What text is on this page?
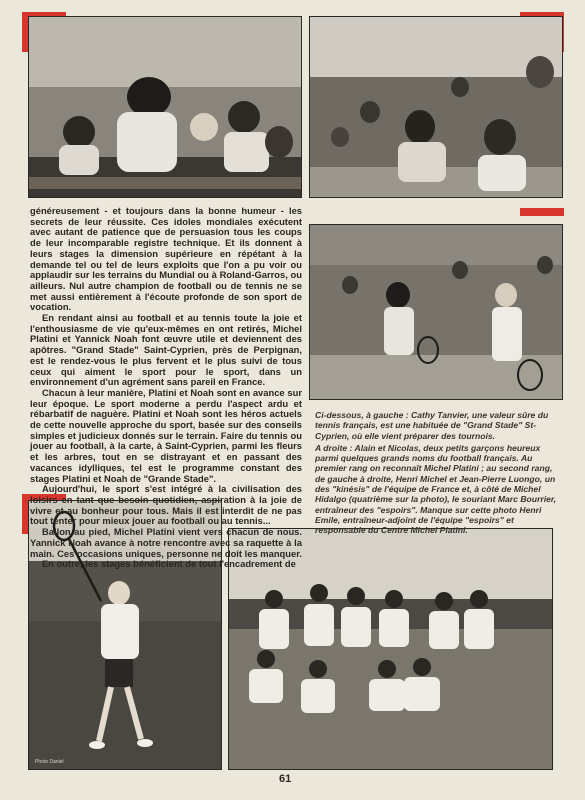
Photo Daniel

généreusement - et toujours dans la bonne humeur - les secrets de leur réussite. Ces idoles mondiales exécutent avec autant de patience que de persuasion tous les coups de leur incomparable registre technique. Et ils donnent à leurs stages la dimension supérieure en répétant à la demande tel ou tel de leurs exploits que l'on a pu voir ou applaudir sur les terrains du Mundial ou à Roland-Garros, ou ailleurs. Nul autre champion de football ou de tennis ne se met aussi entièrement à l'écoute profonde de son sport de vocation.

En rendant ainsi au football et au tennis toute la joie et l'enthousiasme de vie qu'eux-mêmes en ont retirés, Michel Platini et Yannick Noah font œuvre utile et deviennent des apôtres. "Grand Stade" Saint-Cyprien, près de Perpignan, est le rendez-vous le plus fervent et le plus suivi de tous ceux qui aiment le sport pour le sport, dans un environnement d'un agrément sans pareil en France.

Chacun à leur manière, Platini et Noah sont en avance sur leur époque. Le sport moderne a perdu l'aspect ardu et rébarbatif de naguère. Platini et Noah sont les héros actuels de cette nouvelle approche du sport, basée sur des conseils simples et judicieux donnés sur le terrain. Faire du tennis ou jouer au football, à la carte, à Saint-Cyprien, parmi les fleurs et les arbres, tout en se distrayant et en passant des vacances idylliques, tel est le programme constant des stages Platini et Noah de "Grande Stade".

Aujourd'hui, le sport s'est intégré à la civilisation des loisirs en tant que besoin quotidien, aspiration à la joie de vivre et au bonheur pour tous. Mais il est interdit de ne pas tout tenter pour mieux jouer au football ou au tennis...

Ballon au pied, Michel Platini vient vers chacun de nous. Yannick Noah avance à notre rencontre avec sa raquette à la main. Ces occasions uniques, personne ne doit les manquer.

En outre, les stages bénéficient de tout l'encadrement de

Ci-dessous, à gauche : Cathy Tanvier, une valeur sûre du tennis français, est une habituée de "Grand Stade" St-Cyprien, où elle vient préparer des tournois.

A droite : Alain et Nicolas, deux petits garçons heureux parmi quelques grands noms du football français. Au premier rang on reconnaît Michel Platini ; au second rang, de gauche à droite, Henri Michel et Jean-Pierre Luongo, un des "kinésis" de l'équipe de France et, à côté de Michel Hidalgo (quatrième sur la photo), le souriant Marc Bourrier, entraîneur des "espoirs". Manque sur cette photo Henri Emile, entraîneur-adjoint de l'équipe "espoirs" et responsable du Centre Michel Platini.

61
